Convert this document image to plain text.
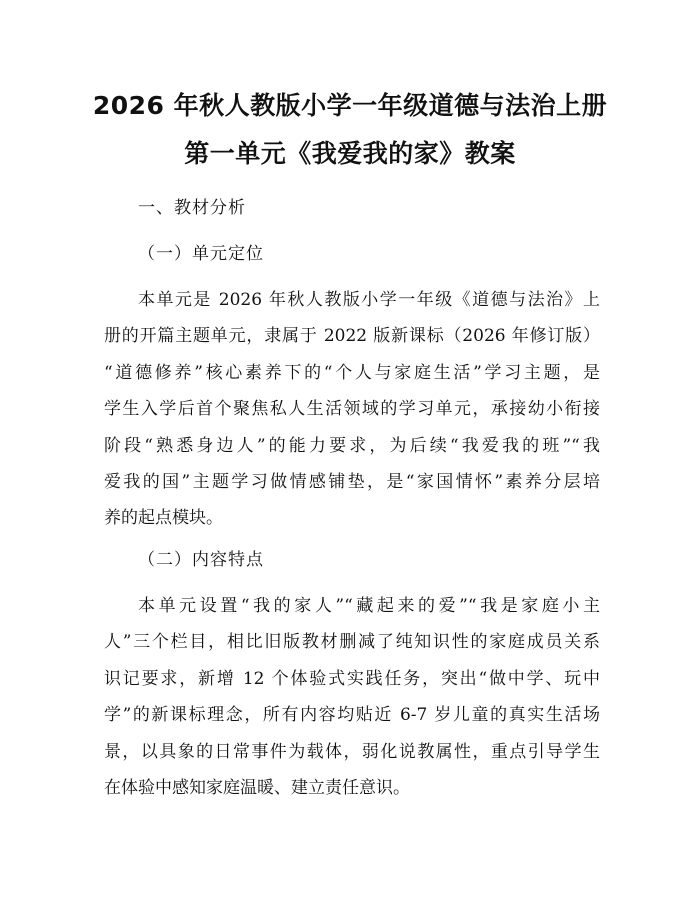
2026 年秋人教版小学一年级道德与法治上册
第一单元《我爱我的家》教案
一、教材分析
（一）单元定位
本单元是 2026 年秋人教版小学一年级《道德与法治》上
册的开篇主题单元，隶属于 2022 版新课标（2026 年修订版）
“道德修养”核心素养下的“个人与家庭生活”学习主题，是
学生入学后首个聚焦私人生活领域的学习单元，承接幼小衔接
阶段“熟悉身边人”的能力要求，为后续“我爱我的班”“我
爱我的国”主题学习做情感铺垫，是“家国情怀”素养分层培
养的起点模块。
（二）内容特点
本单元设置“我的家人”“藏起来的爱”“我是家庭小主
人”三个栏目，相比旧版教材删减了纯知识性的家庭成员关系
识记要求，新增 12 个体验式实践任务，突出“做中学、玩中
学”的新课标理念，所有内容均贴近 6-7 岁儿童的真实生活场
景，以具象的日常事件为载体，弱化说教属性，重点引导学生
在体验中感知家庭温暖、建立责任意识。
